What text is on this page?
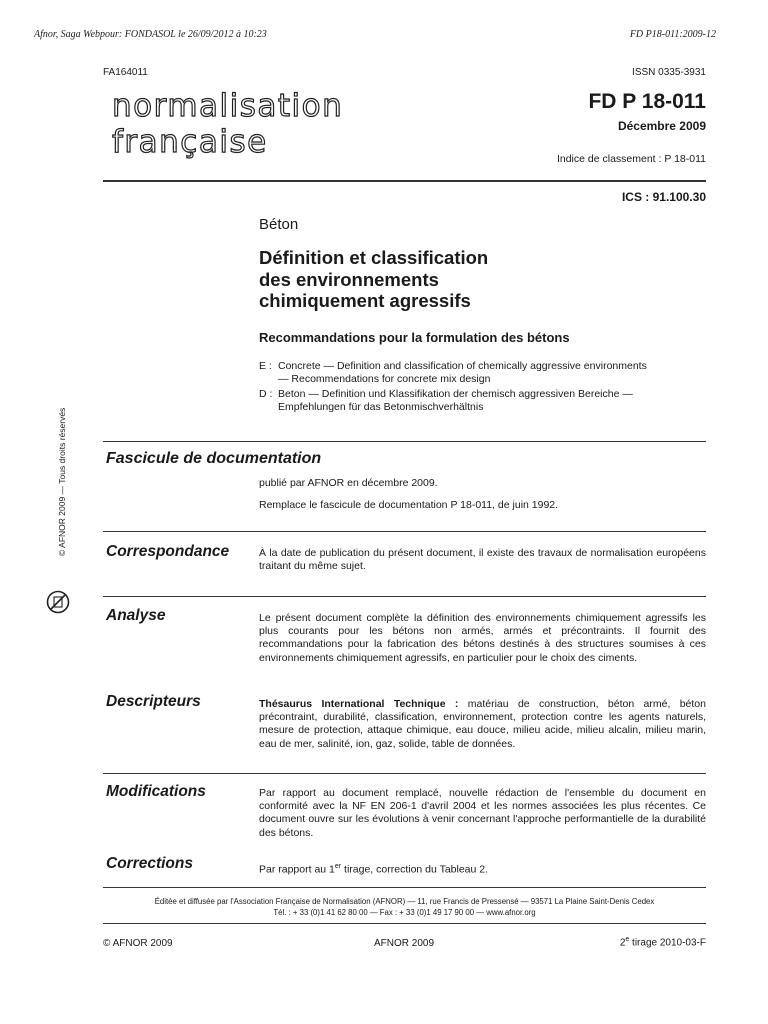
Afnor, Saga Webpour: FONDASOL le 26/09/2012 à 10:23	FD P18-011:2009-12
FA164011	ISSN 0335-3931
normalisation
française
FD P 18-011
Décembre 2009
Indice de classement : P 18-011
ICS : 91.100.30
Béton
Définition et classification
des environnements
chimiquement agressifs
Recommandations pour la formulation des bétons
E : Concrete — Definition and classification of chemically aggressive environments
— Recommendations for concrete mix design
D : Beton — Definition und Klassifikation der chemisch aggressiven Bereiche —
Empfehlungen für das Betonmischverhältnis
© AFNOR 2009 — Tous droits réservés Fascicule de documentation
publié par AFNOR en décembre 2009.
Remplace le fascicule de documentation P 18-011, de juin 1992.
Correspondance	À la date de publication du présent document, il existe des travaux de normalisation européens traitant du même sujet.
Analyse	Le présent document complète la définition des environnements chimiquement agressifs les plus courants pour les bétons non armés, armés et précontraints. Il fournit des recommandations pour la fabrication des bétons destinés à des structures soumises à ces environnements chimiquement agressifs, en particulier pour le choix des ciments.
Descripteurs	Thésaurus International Technique : matériau de construction, béton armé, béton précontraint, durabilité, classification, environnement, protection contre les agents naturels, mesure de protection, attaque chimique, eau douce, milieu acide, milieu alcalin, milieu marin, eau de mer, salinité, ion, gaz, solide, table de données.
Modifications	Par rapport au document remplacé, nouvelle rédaction de l'ensemble du document en conformité avec la NF EN 206-1 d'avril 2004 et les normes associées les plus récentes. Ce document ouvre sur les évolutions à venir concernant l'approche performantielle de la durabilité des bétons.
Corrections	Par rapport au 1er tirage, correction du Tableau 2.
Éditée et diffusée par l'Association Française de Normalisation (AFNOR) — 11, rue Francis de Pressensé — 93571 La Plaine Saint-Denis Cedex
Tél. : + 33 (0)1 41 62 80 00 — Fax : + 33 (0)1 49 17 90 00 — www.afnor.org
© AFNOR 2009	AFNOR 2009	2e tirage 2010-03-F
